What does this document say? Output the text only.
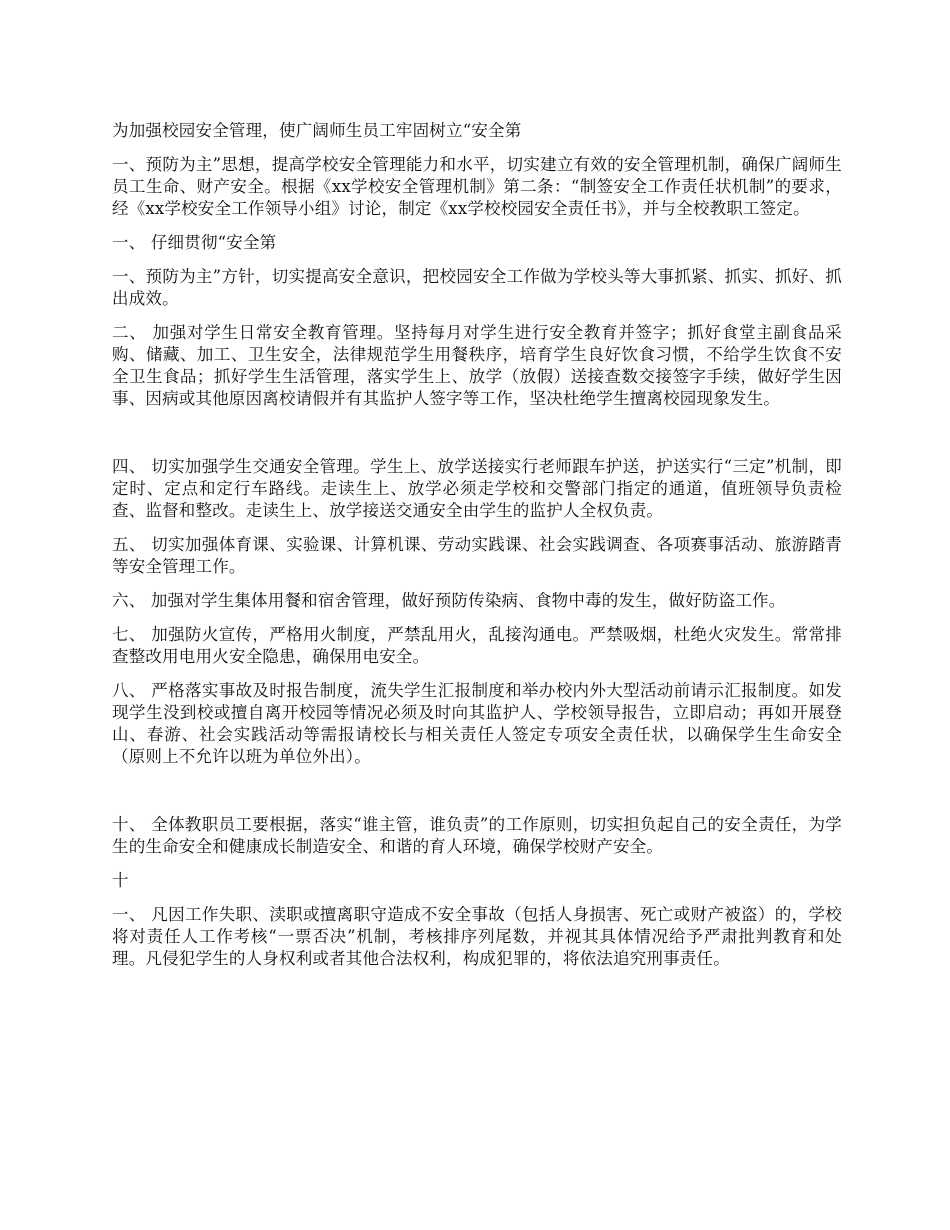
为加强校园安全管理，使广阔师生员工牢固树立“安全第

一、预防为主”思想，提高学校安全管理能力和水平，切实建立有效的安全管理机制，确保广阔师生员工生命、财产安全。根据《xx学校安全管理机制》第二条：“制签安全工作责任状机制”的要求，经《xx学校安全工作领导小组》讨论，制定《xx学校校园安全责任书》，并与全校教职工签定。

一、 仔细贯彻“安全第

一、预防为主”方针，切实提高安全意识，把校园安全工作做为学校头等大事抓紧、抓实、抓好、抓出成效。

二、 加强对学生日常安全教育管理。坚持每月对学生进行安全教育并签字；抓好食堂主副食品采购、储藏、加工、卫生安全，法律规范学生用餐秩序，培育学生良好饮食习惯，不给学生饮食不安全卫生食品；抓好学生生活管理，落实学生上、放学（放假）送接查数交接签字手续，做好学生因事、因病或其他原因离校请假并有其监护人签字等工作，坚决杜绝学生擅离校园现象发生。

四、 切实加强学生交通安全管理。学生上、放学送接实行老师跟车护送，护送实行“三定”机制，即定时、定点和定行车路线。走读生上、放学必须走学校和交警部门指定的通道，值班领导负责检查、监督和整改。走读生上、放学接送交通安全由学生的监护人全权负责。

五、 切实加强体育课、实验课、计算机课、劳动实践课、社会实践调查、各项赛事活动、旅游踏青等安全管理工作。

六、 加强对学生集体用餐和宿舍管理，做好预防传染病、食物中毒的发生，做好防盗工作。

七、 加强防火宣传，严格用火制度，严禁乱用火，乱接沟通电。严禁吸烟，杜绝火灾发生。常常排查整改用电用火安全隐患，确保用电安全。

八、 严格落实事故及时报告制度，流失学生汇报制度和举办校内外大型活动前请示汇报制度。如发现学生没到校或擅自离开校园等情况必须及时向其监护人、学校领导报告，立即启动；再如开展登山、春游、社会实践活动等需报请校长与相关责任人签定专项安全责任状，以确保学生生命安全（原则上不允许以班为单位外出）。

十、 全体教职员工要根据，落实“谁主管，谁负责”的工作原则，切实担负起自己的安全责任，为学生的生命安全和健康成长制造安全、和谐的育人环境，确保学校财产安全。

十

一、 凡因工作失职、渎职或擅离职守造成不安全事故（包括人身损害、死亡或财产被盗）的，学校将对责任人工作考核“一票否决”机制，考核排序列尾数，并视其具体情况给予严肃批判教育和处理。凡侵犯学生的人身权利或者其他合法权利，构成犯罪的，将依法追究刑事责任。
